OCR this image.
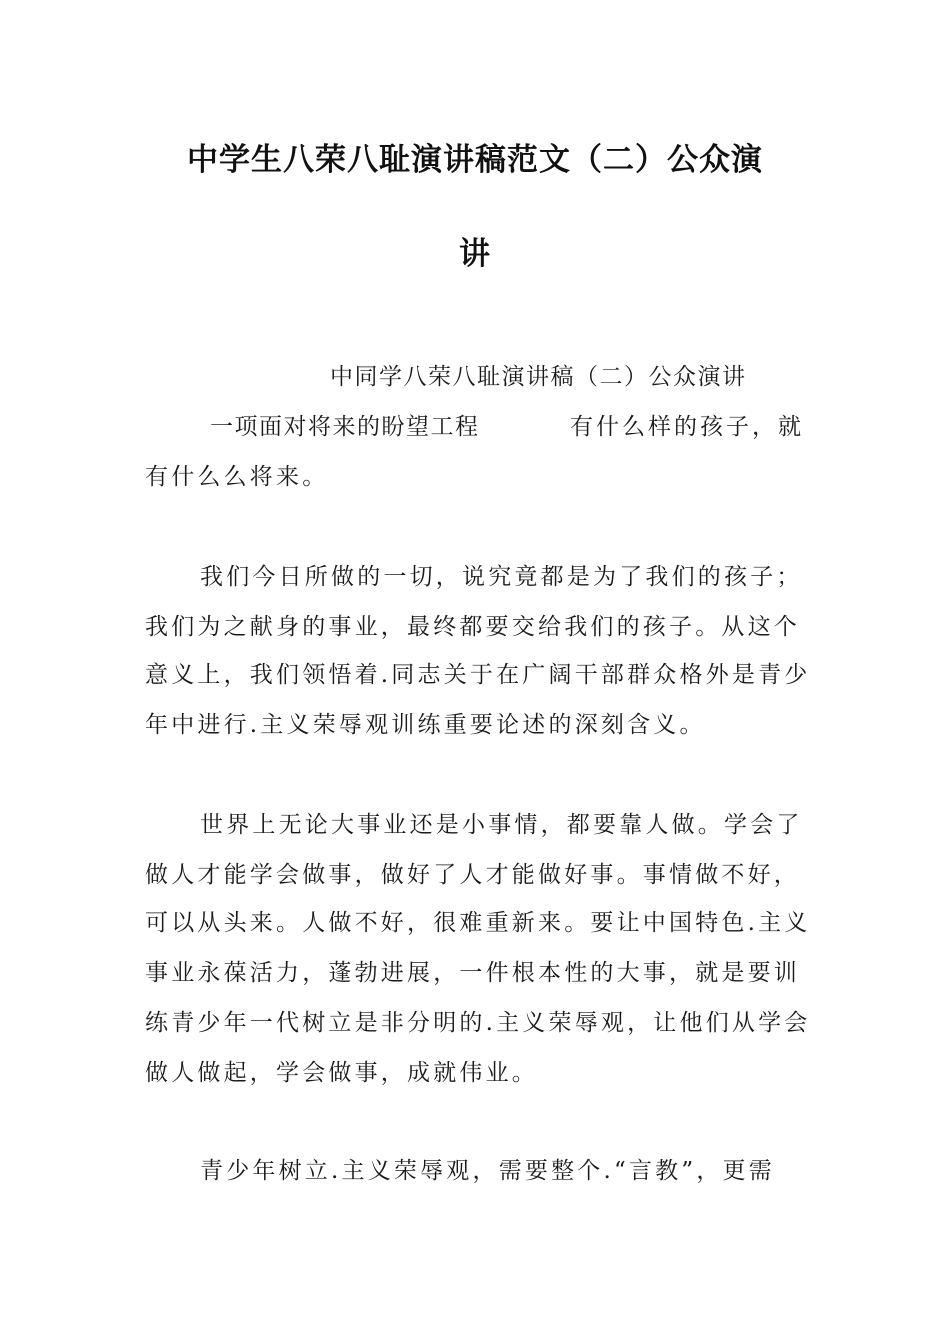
中学生八荣八耻演讲稿范文（二）公众演
讲

中同学八荣八耻演讲稿（二）公众演讲

一项面对将来的盼望工程	有什么样的孩子，就

有什么么将来。

我们今日所做的一切，说究竟都是为了我们的孩子；

我们为之献身的事业，最终都要交给我们的孩子。从这个

意义上，我们领悟着.同志关于在广阔干部群众格外是青少

年中进行.主义荣辱观训练重要论述的深刻含义。

世界上无论大事业还是小事情，都要靠人做。学会了

做人才能学会做事，做好了人才能做好事。事情做不好，

可以从头来。人做不好，很难重新来。要让中国特色.主义

事业永葆活力，蓬勃进展，一件根本性的大事，就是要训

练青少年一代树立是非分明的.主义荣辱观，让他们从学会

做人做起，学会做事，成就伟业。

青少年树立.主义荣辱观，需要整个.“言教”，更需
